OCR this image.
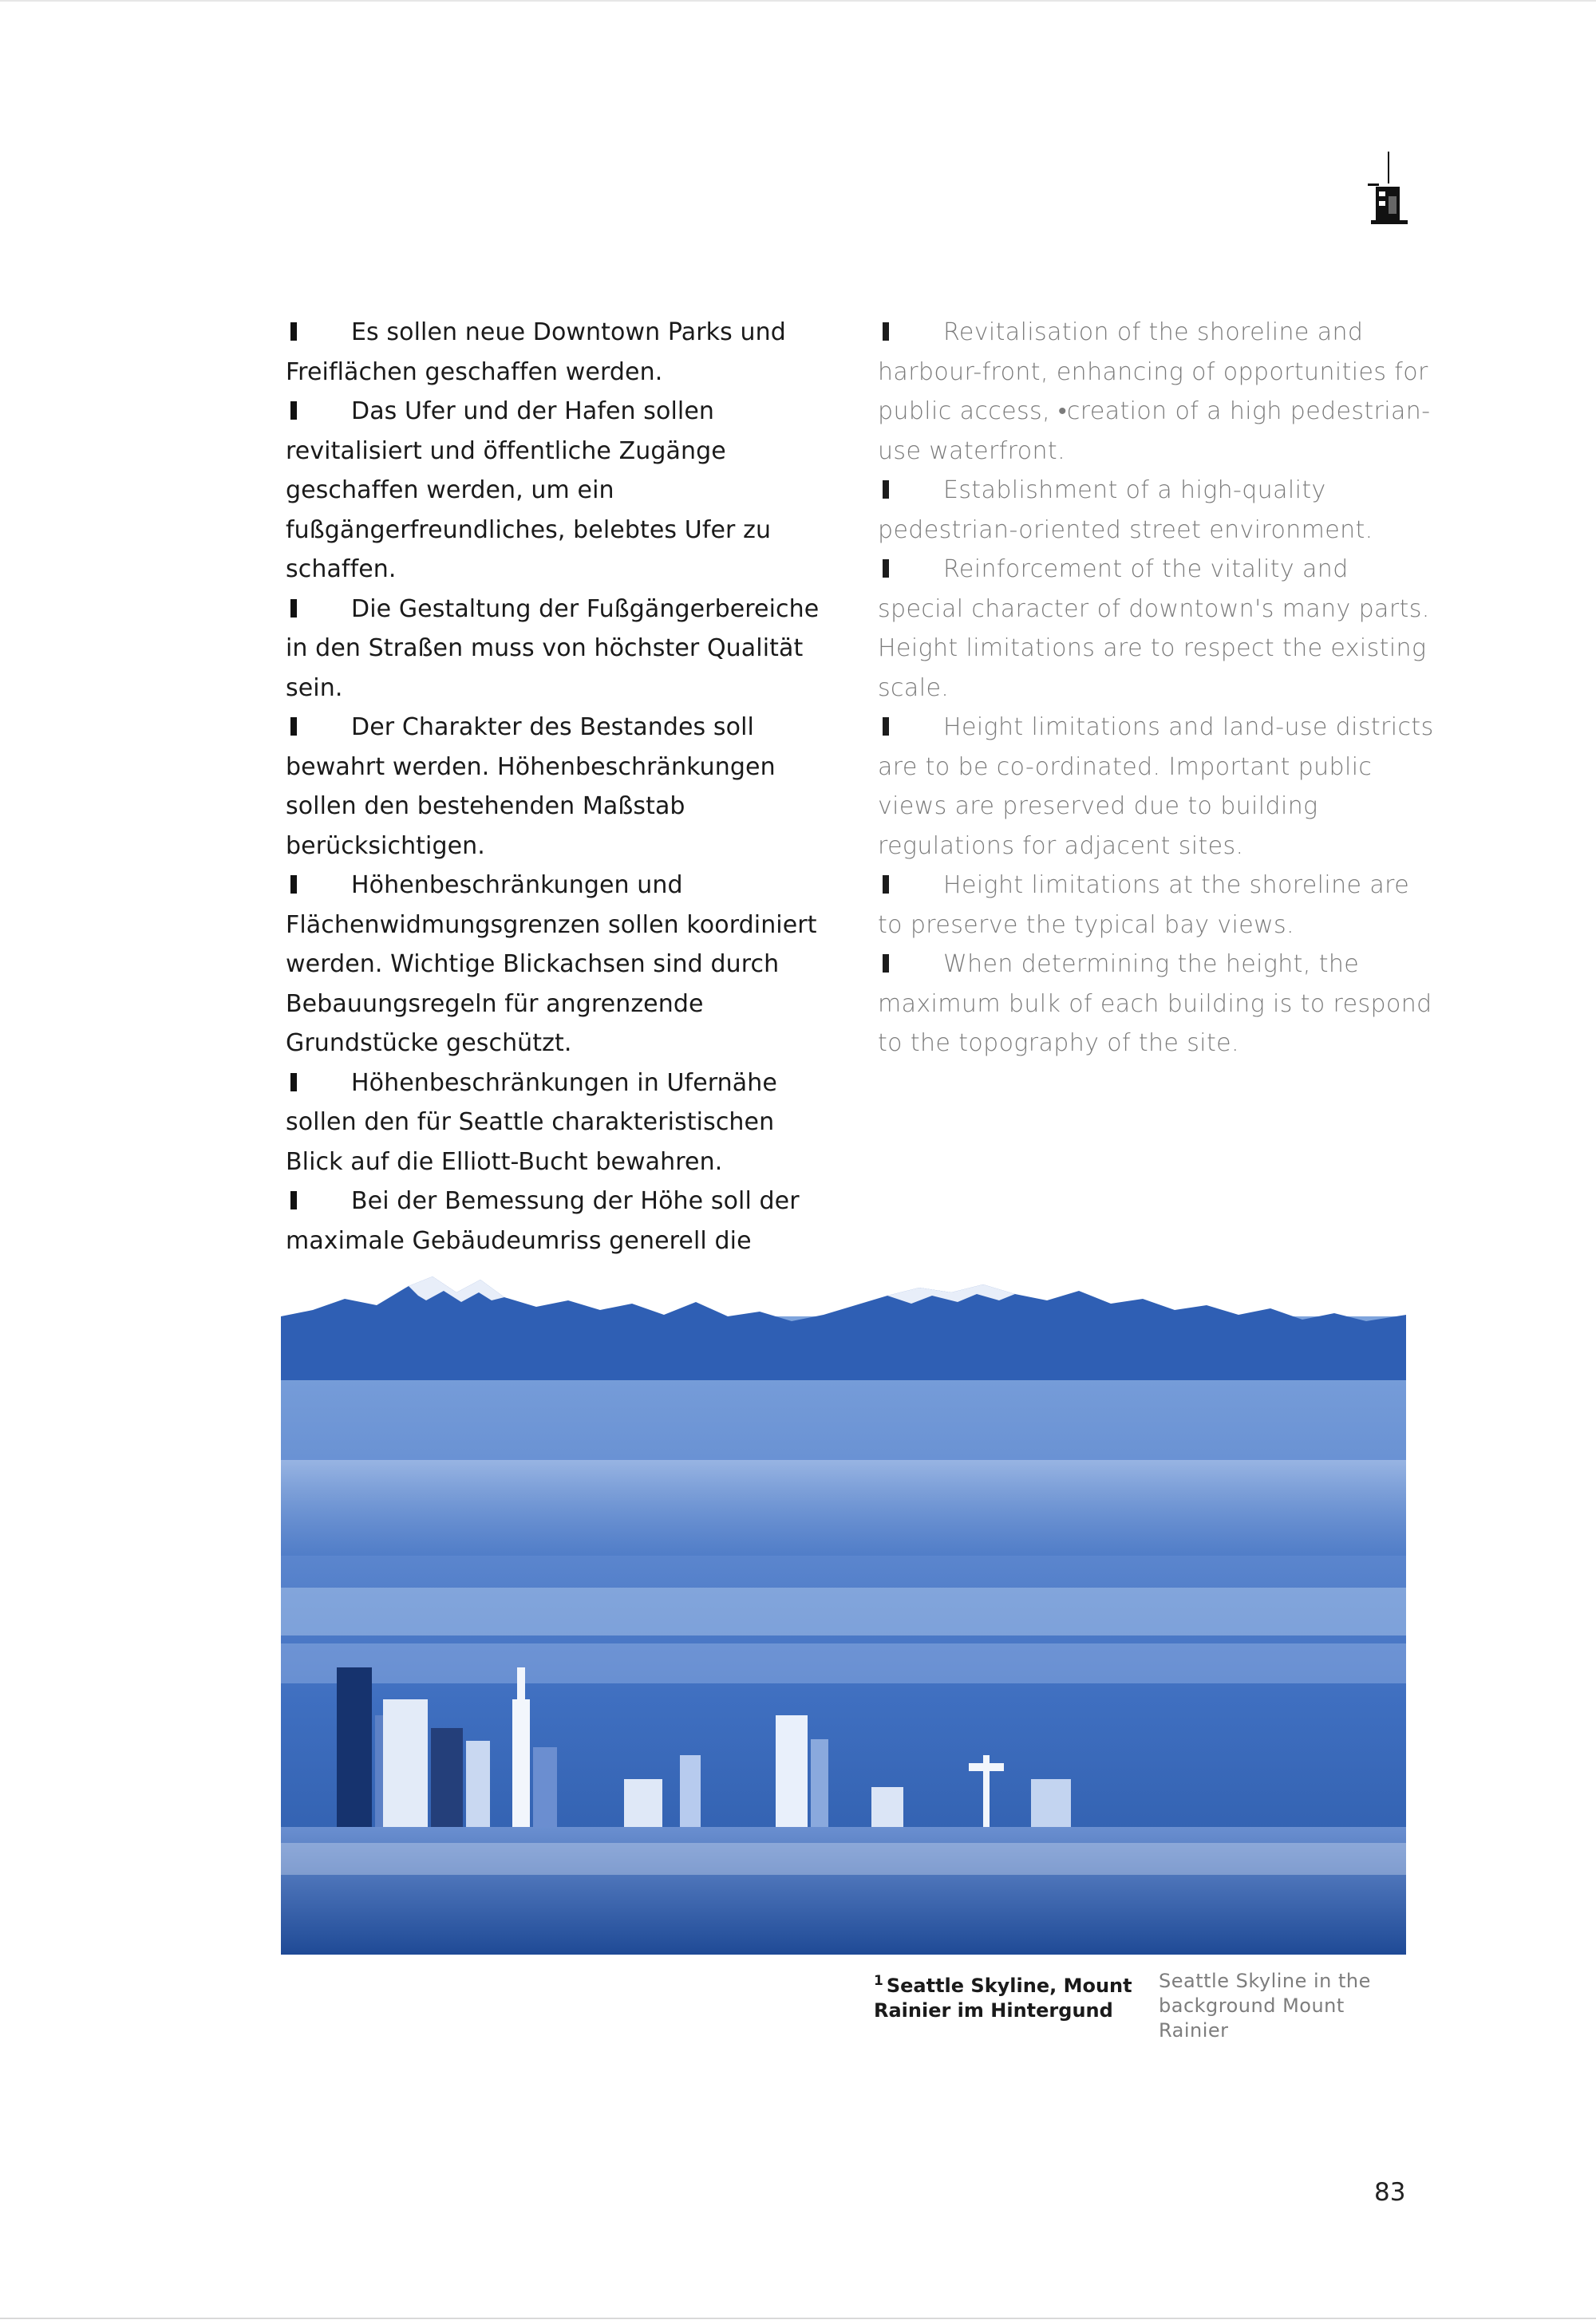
Es sollen neue Downtown Parks und Freiflächen geschaffen werden.
Das Ufer und der Hafen sollen revitalisiert und öffentliche Zugänge geschaffen werden, um ein fußgängerfreundliches, belebtes Ufer zu schaffen.
Die Gestaltung der Fußgängerbereiche in den Straßen muss von höchster Qualität sein.
Der Charakter des Bestandes soll bewahrt werden. Höhenbeschränkungen sollen den bestehenden Maßstab berücksichtigen.
Höhenbeschränkungen und Flächenwidmungsgrenzen sollen koordiniert werden. Wichtige Blickachsen sind durch Bebauungsregeln für angrenzende Grundstücke geschützt.
Höhenbeschränkungen in Ufernähe sollen den für Seattle charakteristischen Blick auf die Elliott-Bucht bewahren.
Bei der Bemessung der Höhe soll der maximale Gebäudeumriss generell die

Revitalisation of the shoreline and harbour-front, enhancing of opportunities for public access, •creation of a high pedestrian-use waterfront.
Establishment of a high-quality pedestrian-oriented street environment.
Reinforcement of the vitality and special character of downtown's many parts. Height limitations are to respect the existing scale.
Height limitations and land-use districts are to be co-ordinated. Important public views are preserved due to building regulations for adjacent sites.
Height limitations at the shoreline are to preserve the typical bay views.
When determining the height, the maximum bulk of each building is to respond to the topography of the site.

$^1$ Seattle Skyline, Mount Rainier im Hintergund
Seattle Skyline in the background Mount Rainier
83
